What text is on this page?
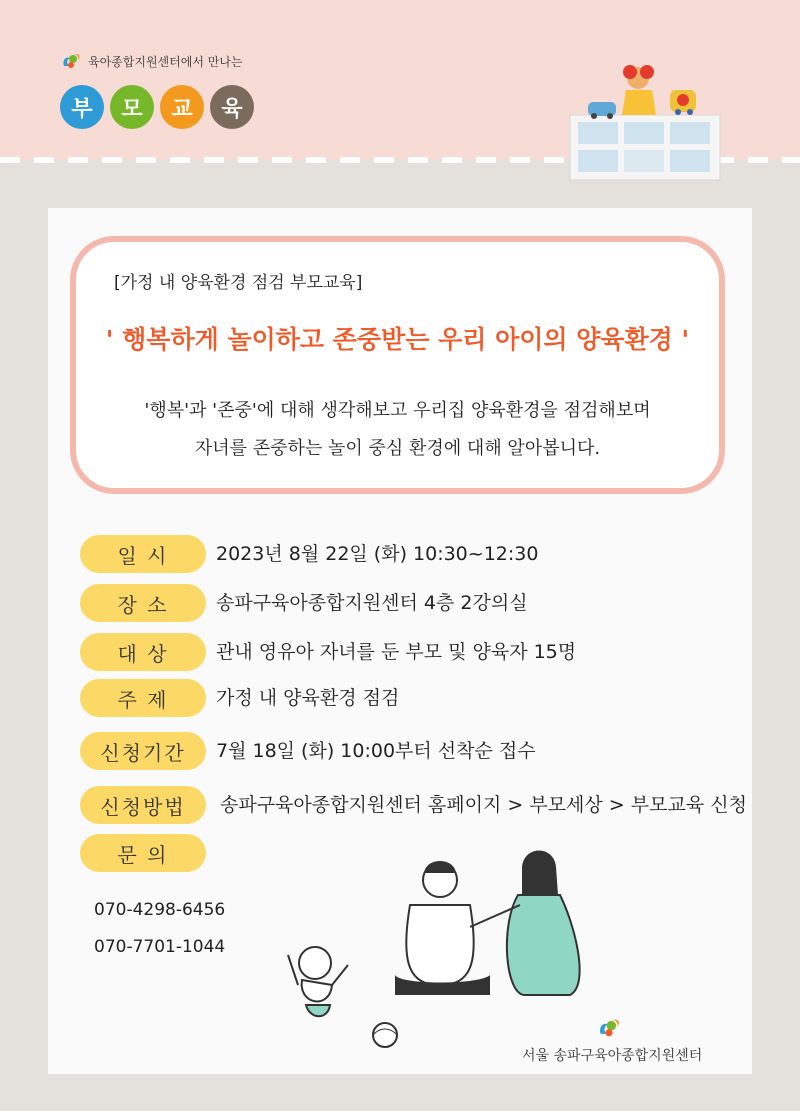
육아종합지원센터에서 만나는
부	모	교	육
[가정 내 양육환경 점검 부모교육]
' 행복하게 놀이하고 존중받는 우리 아이의 양육환경 '
'행복'과 '존중'에 대해 생각해보고 우리집 양육환경을 점검해보며
자녀를 존중하는 놀이 중심 환경에 대해 알아봅니다.
일 시	2023년 8월 22일 (화) 10:30~12:30
장 소	송파구육아종합지원센터 4층 2강의실
대 상	관내 영유아 자녀를 둔 부모 및 양육자 15명
주 제	가정 내 양육환경 점검
신청기간	7월 18일 (화) 10:00부터 선착순 접수
신청방법	송파구육아종합지원센터 홈페이지 > 부모세상 > 부모교육 신청
문 의
070-4298-6456
070-7701-1044
서울 송파구육아종합지원센터
